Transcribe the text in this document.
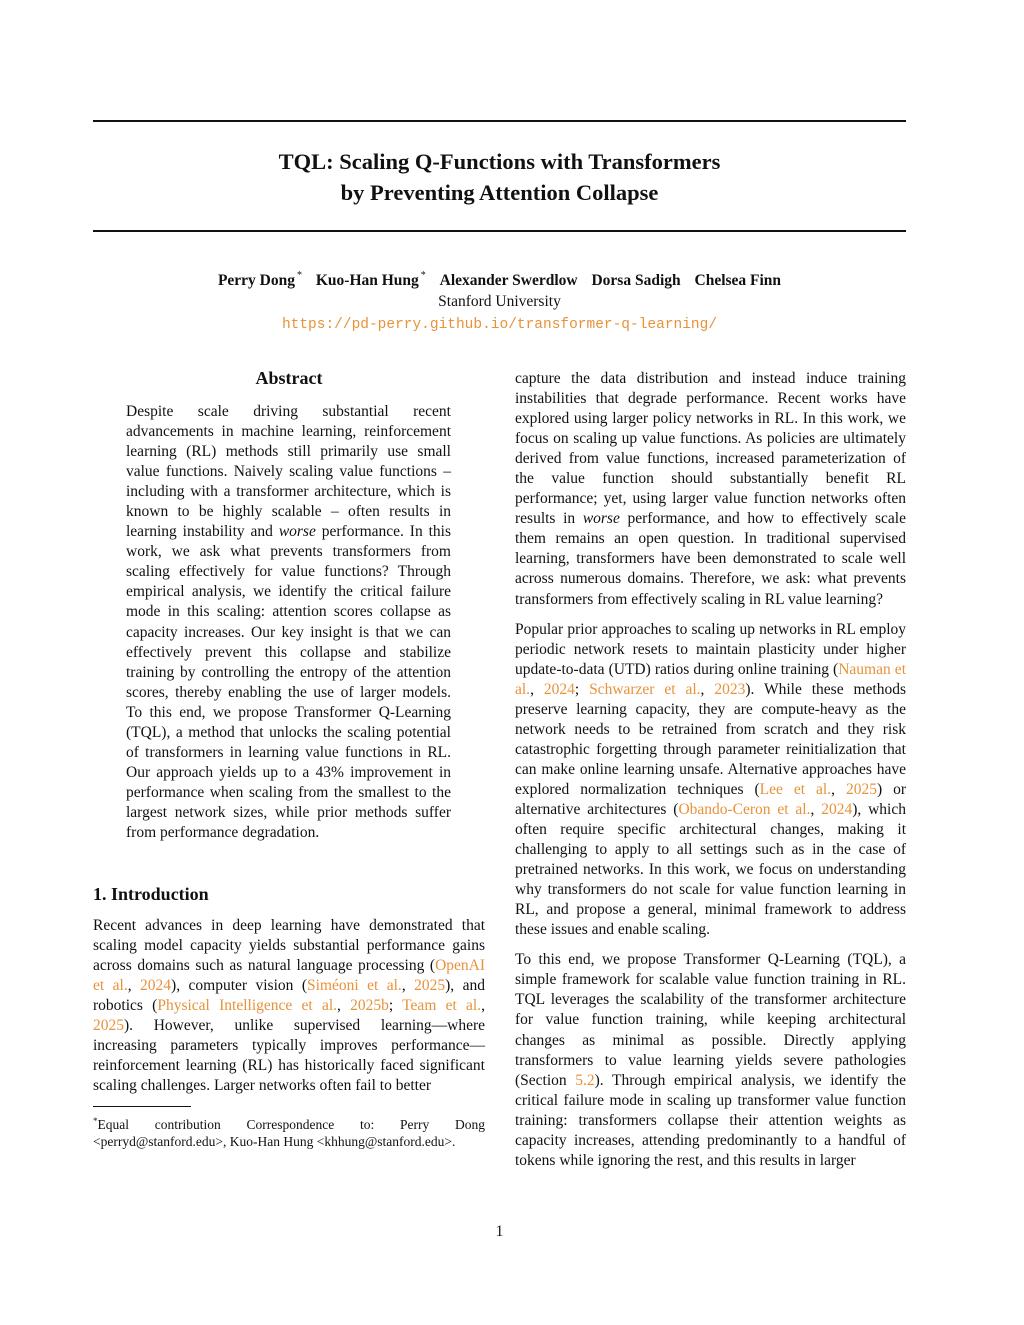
TQL: Scaling Q-Functions with Transformers
by Preventing Attention Collapse
Perry Dong * Kuo-Han Hung * Alexander Swerdlow Dorsa Sadigh Chelsea Finn
Stanford University
https://pd-perry.github.io/transformer-q-learning/
Abstract

Despite scale driving substantial recent advancements in machine learning, reinforcement learning (RL) methods still primarily use small value functions. Naively scaling value functions – including with a transformer architecture, which is known to be highly scalable – often results in learning instability and worse performance. In this work, we ask what prevents transformers from scaling effectively for value functions? Through empirical analysis, we identify the critical failure mode in this scaling: attention scores collapse as capacity increases. Our key insight is that we can effectively prevent this collapse and stabilize training by controlling the entropy of the attention scores, thereby enabling the use of larger models. To this end, we propose Transformer Q-Learning (TQL), a method that unlocks the scaling potential of transformers in learning value functions in RL. Our approach yields up to a 43% improvement in performance when scaling from the smallest to the largest network sizes, while prior methods suffer from performance degradation.

1. Introduction

Recent advances in deep learning have demonstrated that scaling model capacity yields substantial performance gains across domains such as natural language processing (OpenAI et al., 2024), computer vision (Siméoni et al., 2025), and robotics (Physical Intelligence et al., 2025b; Team et al., 2025). However, unlike supervised learning—where increasing parameters typically improves performance—reinforcement learning (RL) has historically faced significant scaling challenges. Larger networks often fail to better

*Equal contribution Correspondence to: Perry Dong <perryd@stanford.edu>, Kuo-Han Hung <khhung@stanford.edu>.

capture the data distribution and instead induce training instabilities that degrade performance. Recent works have explored using larger policy networks in RL. In this work, we focus on scaling up value functions. As policies are ultimately derived from value functions, increased parameterization of the value function should substantially benefit RL performance; yet, using larger value function networks often results in worse performance, and how to effectively scale them remains an open question. In traditional supervised learning, transformers have been demonstrated to scale well across numerous domains. Therefore, we ask: what prevents transformers from effectively scaling in RL value learning?

Popular prior approaches to scaling up networks in RL employ periodic network resets to maintain plasticity under higher update-to-data (UTD) ratios during online training (Nauman et al., 2024; Schwarzer et al., 2023). While these methods preserve learning capacity, they are compute-heavy as the network needs to be retrained from scratch and they risk catastrophic forgetting through parameter reinitialization that can make online learning unsafe. Alternative approaches have explored normalization techniques (Lee et al., 2025) or alternative architectures (Obando-Ceron et al., 2024), which often require specific architectural changes, making it challenging to apply to all settings such as in the case of pretrained networks. In this work, we focus on understanding why transformers do not scale for value function learning in RL, and propose a general, minimal framework to address these issues and enable scaling.

To this end, we propose Transformer Q-Learning (TQL), a simple framework for scalable value function training in RL. TQL leverages the scalability of the transformer architecture for value function training, while keeping architectural changes as minimal as possible. Directly applying transformers to value learning yields severe pathologies (Section 5.2). Through empirical analysis, we identify the critical failure mode in scaling up transformer value function training: transformers collapse their attention weights as capacity increases, attending predominantly to a handful of tokens while ignoring the rest, and this results in larger

1
